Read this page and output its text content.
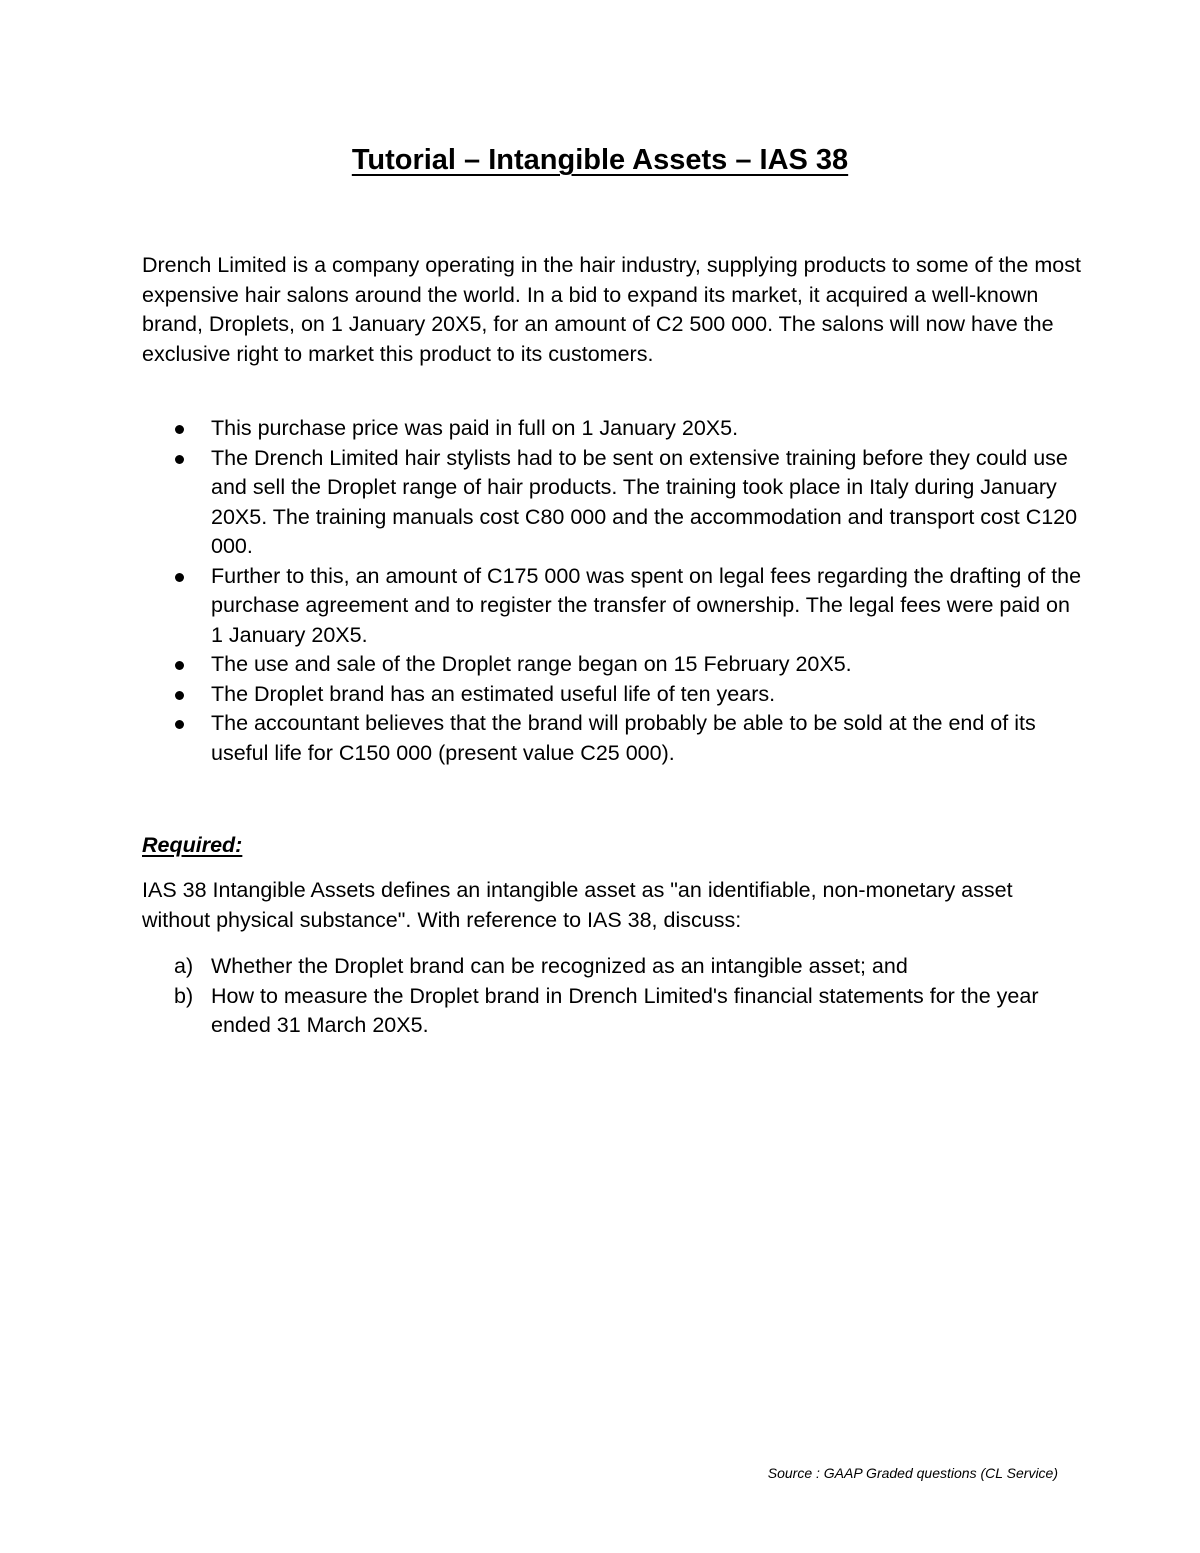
Tutorial – Intangible Assets – IAS 38
Drench Limited is a company operating in the hair industry, supplying products to some of the most expensive hair salons around the world. In a bid to expand its market, it acquired a well-known brand, Droplets, on 1 January 20X5, for an amount of C2 500 000. The salons will now have the exclusive right to market this product to its customers.
This purchase price was paid in full on 1 January 20X5.
The Drench Limited hair stylists had to be sent on extensive training before they could use and sell the Droplet range of hair products. The training took place in Italy during January 20X5. The training manuals cost C80 000 and the accommodation and transport cost C120 000.
Further to this, an amount of C175 000 was spent on legal fees regarding the drafting of the purchase agreement and to register the transfer of ownership. The legal fees were paid on 1 January 20X5.
The use and sale of the Droplet range began on 15 February 20X5.
The Droplet brand has an estimated useful life of ten years.
The accountant believes that the brand will probably be able to be sold at the end of its useful life for C150 000 (present value C25 000).
Required:
IAS 38 Intangible Assets defines an intangible asset as "an identifiable, non-monetary asset without physical substance". With reference to IAS 38, discuss:
a) Whether the Droplet brand can be recognized as an intangible asset; and
b) How to measure the Droplet brand in Drench Limited's financial statements for the year ended 31 March 20X5.
Source : GAAP Graded questions (CL Service)
